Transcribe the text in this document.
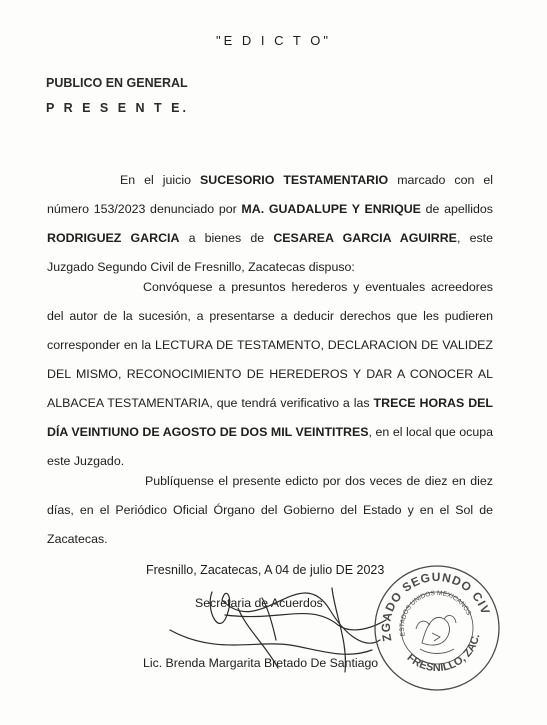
"E D I C T O"
PUBLICO EN GENERAL
P R E S E N T E.
En el juicio SUCESORIO TESTAMENTARIO marcado con el número 153/2023 denunciado por MA. GUADALUPE Y ENRIQUE de apellidos RODRIGUEZ GARCIA a bienes de CESAREA GARCIA AGUIRRE, este Juzgado Segundo Civil de Fresnillo, Zacatecas dispuso:
Convóquese a presuntos herederos y eventuales acreedores del autor de la sucesión, a presentarse a deducir derechos que les pudieren corresponder en la LECTURA DE TESTAMENTO, DECLARACION DE VALIDEZ DEL MISMO, RECONOCIMIENTO DE HEREDEROS Y DAR A CONOCER AL ALBACEA TESTAMENTARIA, que tendrá verificativo a las TRECE HORAS DEL DÍA VEINTIUNO DE AGOSTO DE DOS MIL VEINTITRES, en el local que ocupa este Juzgado.
Publíquense el presente edicto por dos veces de diez en diez días, en el Periódico Oficial Órgano del Gobierno del Estado y en el Sol de Zacatecas.
Fresnillo, Zacatecas, A 04 de julio DE 2023
Secretaria de Acuerdos
Lic. Brenda Margarita Bretado De Santiago
JUZGADO SEGUNDO CIVIL
ESTADOS UNIDOS MEXICANOS
FRESNILLO, ZAC.
